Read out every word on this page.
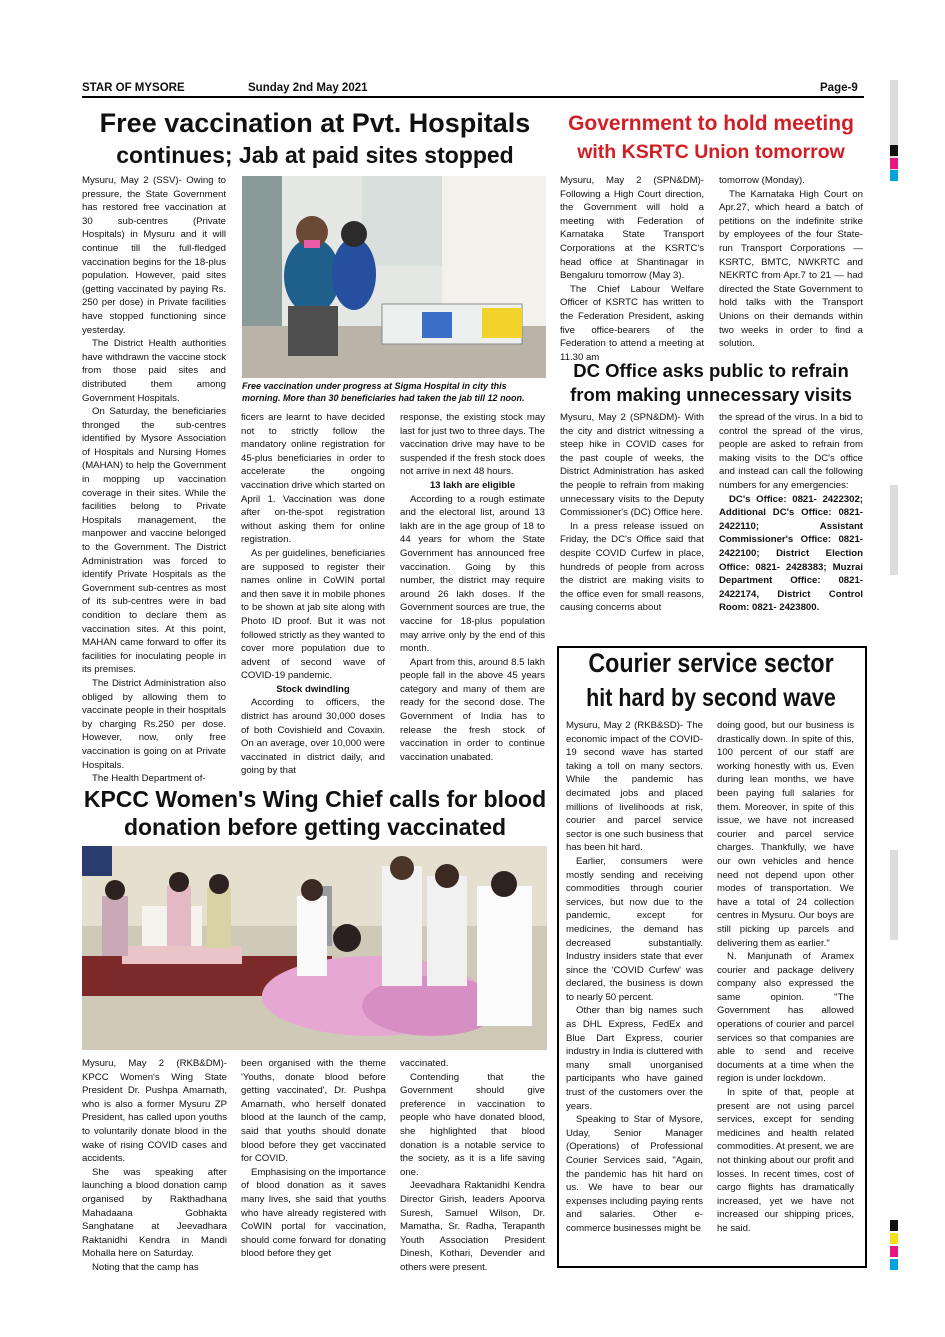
STAR OF MYSORE	Sunday 2nd May 2021	Page-9
Free vaccination at Pvt. Hospitals
continues; Jab at paid sites stopped

Mysuru, May 2 (SSV)- Owing to pressure, the State Government has restored free vaccination at 30 sub-centres (Private Hospitals) in Mysuru and it will continue till the full-fledged vaccination begins for the 18-plus population. However, paid sites (getting vaccinated by paying Rs. 250 per dose) in Private facilities have stopped functioning since yesterday.

The District Health authorities have withdrawn the vaccine stock from those paid sites and distributed them among Government Hospitals.

On Saturday, the beneficiaries thronged the sub-centres identified by Mysore Association of Hospitals and Nursing Homes (MAHAN) to help the Government in mopping up vaccination coverage in their sites. While the facilities belong to Private Hospitals management, the manpower and vaccine belonged to the Government. The District Administration was forced to identify Private Hospitals as the Government sub-centres as most of its sub-centres were in bad condition to declare them as vaccination sites. At this point, MAHAN came forward to offer its facilities for inoculating people in its premises.

The District Administration also obliged by allowing them to vaccinate people in their hospitals by charging Rs.250 per dose. However, now, only free vaccination is going on at Private Hospitals.

The Health Department of-

Free vaccination under progress at Sigma Hospital in city this morning. More than 30 beneficiaries had taken the jab till 12 noon.

ficers are learnt to have decided not to strictly follow the mandatory online registration for 45-plus beneficiaries in order to accelerate the ongoing vaccination drive which started on April 1. Vaccination was done after on-the-spot registration without asking them for online registration.

As per guidelines, beneficiaries are supposed to register their names online in CoWIN portal and then save it in mobile phones to be shown at jab site along with Photo ID proof. But it was not followed strictly as they wanted to cover more population due to advent of second wave of COVID-19 pandemic.

Stock dwindling

According to officers, the district has around 30,000 doses of both Covishield and Covaxin. On an average, over 10,000 were vaccinated in district daily, and going by that

response, the existing stock may last for just two to three days. The vaccination drive may have to be suspended if the fresh stock does not arrive in next 48 hours.

13 lakh are eligible

According to a rough estimate and the electoral list, around 13 lakh are in the age group of 18 to 44 years for whom the State Government has announced free vaccination. Going by this number, the district may require around 26 lakh doses. If the Government sources are true, the vaccine for 18-plus population may arrive only by the end of this month.

Apart from this, around 8.5 lakh people fall in the above 45 years category and many of them are ready for the second dose. The Government of India has to release the fresh stock of vaccination in order to continue vaccination unabated.

Government to hold meeting
with KSRTC Union tomorrow

Mysuru, May 2 (SPN&DM)- Following a High Court direction, the Government will hold a meeting with Federation of Karnataka State Transport Corporations at the KSRTC's head office at Shantinagar in Bengaluru tomorrow (May 3).

The Chief Labour Welfare Officer of KSRTC has written to the Federation President, asking five office-bearers of the Federation to attend a meeting at 11.30 am

tomorrow (Monday).

The Karnataka High Court on Apr.27, which heard a batch of petitions on the indefinite strike by employees of the four State-run Transport Corporations — KSRTC, BMTC, NWKRTC and NEKRTC from Apr.7 to 21 — had directed the State Government to hold talks with the Transport Unions on their demands within two weeks in order to find a solution.

DC Office asks public to refrain
from making unnecessary visits

Mysuru, May 2 (SPN&DM)- With the city and district witnessing a steep hike in COVID cases for the past couple of weeks, the District Administration has asked the people to refrain from making unnecessary visits to the Deputy Commissioner's (DC) Office here.

In a press release issued on Friday, the DC's Office said that despite COVID Curfew in place, hundreds of people from across the district are making visits to the office even for small reasons, causing concerns about

the spread of the virus. In a bid to control the spread of the virus, people are asked to refrain from making visits to the DC's office and instead can call the following numbers for any emergencies:

DC's Office: 0821- 2422302; Additional DC's Office: 0821- 2422110; Assistant Commissioner's Office: 0821-2422100; District Election Office: 0821- 2428383; Muzrai Department Office: 0821- 2422174, District Control Room: 0821- 2423800.

Courier service sector
hit hard by second wave

Mysuru, May 2 (RKB&SD)- The economic impact of the COVID-19 second wave has started taking a toll on many sectors. While the pandemic has decimated jobs and placed millions of livelihoods at risk, courier and parcel service sector is one such business that has been hit hard.

Earlier, consumers were mostly sending and receiving commodities through courier services, but now due to the pandemic, except for medicines, the demand has decreased substantially. Industry insiders state that ever since the 'COVID Curfew' was declared, the business is down to nearly 50 percent.

Other than big names such as DHL Express, FedEx and Blue Dart Express, courier industry in India is cluttered with many small unorganised participants who have gained trust of the customers over the years.

Speaking to Star of Mysore, Uday, Senior Manager (Operations) of Professional Courier Services said, "Again, the pandemic has hit hard on us. We have to bear our expenses including paying rents and salaries. Other e-commerce businesses might be

doing good, but our business is drastically down. In spite of this, 100 percent of our staff are working honestly with us. Even during lean months, we have been paying full salaries for them. Moreover, in spite of this issue, we have not increased courier and parcel service charges. Thankfully, we have our own vehicles and hence need not depend upon other modes of transportation. We have a total of 24 collection centres in Mysuru. Our boys are still picking up parcels and delivering them as earlier."

N. Manjunath of Aramex courier and package delivery company also expressed the same opinion. "The Government has allowed operations of courier and parcel services so that companies are able to send and receive documents at a time when the region is under lockdown.

In spite of that, people at present are not using parcel services, except for sending medicines and health related commodities. At present, we are not thinking about our profit and losses. In recent times, cost of cargo flights has dramatically increased, yet we have not increased our shipping prices, he said.

KPCC Women's Wing Chief calls for blood
donation before getting vaccinated

Mysuru, May 2 (RKB&DM)- KPCC Women's Wing State President Dr. Pushpa Amarnath, who is also a former Mysuru ZP President, has called upon youths to voluntarily donate blood in the wake of rising COVID cases and accidents.

She was speaking after launching a blood donation camp organised by Rakthadhana Mahadaana Gobhakta Sanghatane at Jeevadhara Raktanidhi Kendra in Mandi Mohalla here on Saturday.

Noting that the camp has

been organised with the theme 'Youths, donate blood before getting vaccinated', Dr. Pushpa Amarnath, who herself donated blood at the launch of the camp, said that youths should donate blood before they get vaccinated for COVID.

Emphasising on the importance of blood donation as it saves many lives, she said that youths who have already registered with CoWIN portal for vaccination, should come forward for donating blood before they get

vaccinated.

Contending that the Government should give preference in vaccination to people who have donated blood, she highlighted that blood donation is a notable service to the society, as it is a life saving one.

Jeevadhara Raktanidhi Kendra Director Girish, leaders Apoorva Suresh, Samuel Wilson, Dr. Mamatha, Sr. Radha, Terapanth Youth Association President Dinesh, Kothari, Devender and others were present.
